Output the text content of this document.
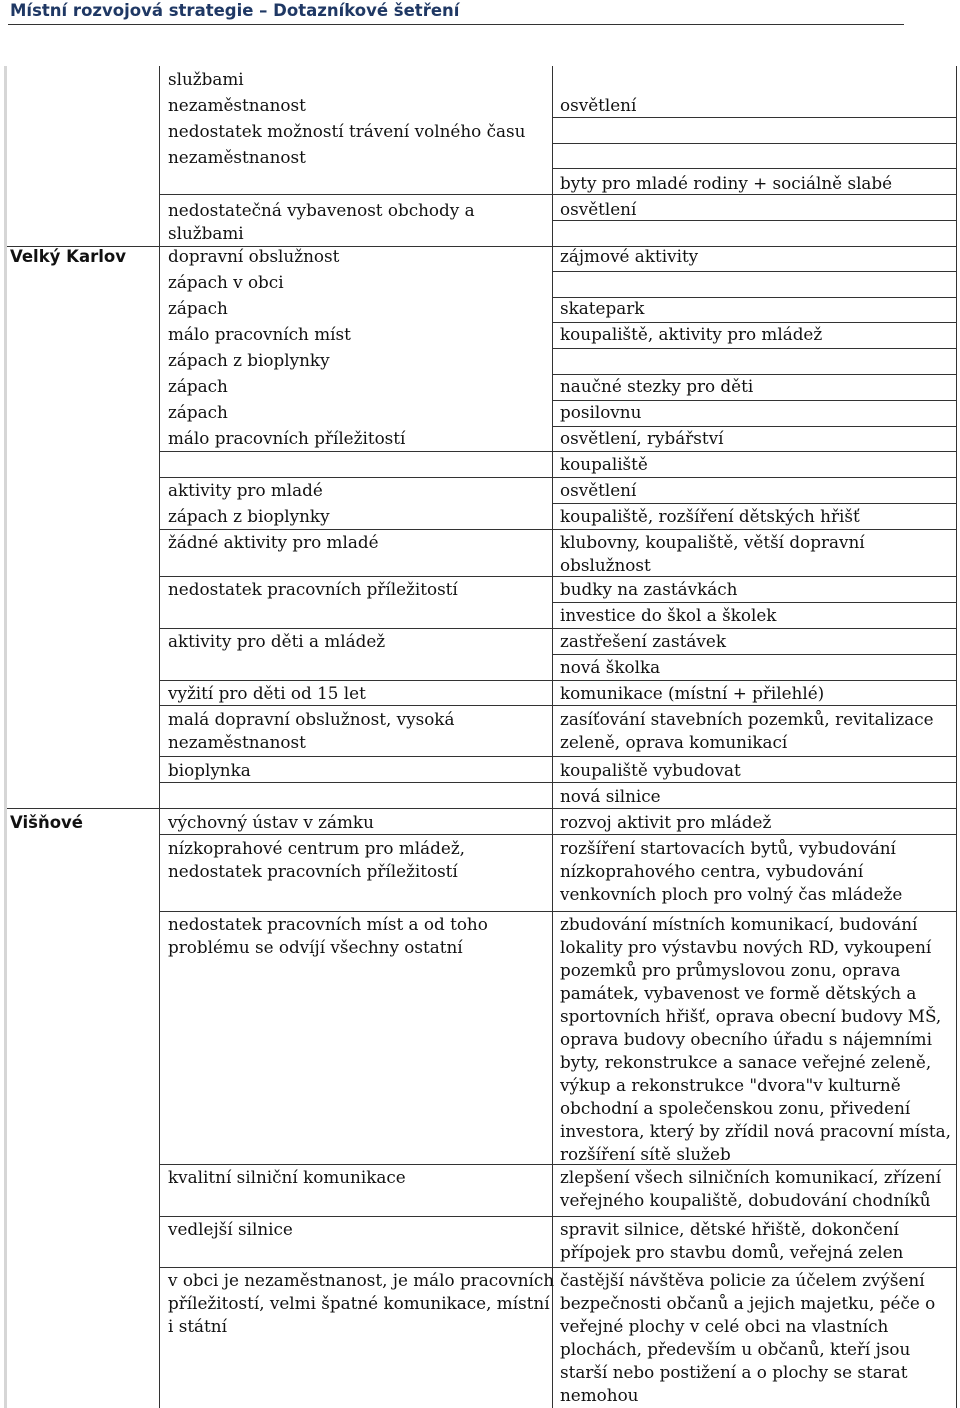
Místní rozvojová strategie – Dotazníkové šetření
Velký Karlov
Višňové
službami
nezaměstnanost
nedostatek možností trávení volného času
nezaměstnanost
nedostatečná vybavenost obchody a
službami
dopravní obslužnost
zápach v obci
zápach
málo pracovních míst
zápach z bioplynky
zápach
zápach
málo pracovních příležitostí
aktivity pro mladé
zápach z bioplynky
žádné aktivity pro mladé
nedostatek pracovních příležitostí
aktivity pro děti a mládež
vyžití pro děti od 15 let
malá dopravní obslužnost, vysoká
nezaměstnanost
bioplynka
výchovný ústav v zámku
nízkoprahové centrum pro mládež,
nedostatek pracovních příležitostí
nedostatek pracovních míst a od toho
problému se odvíjí všechny ostatní
kvalitní silniční komunikace
vedlejší silnice
v obci je nezaměstnanost, je málo pracovních
příležitostí, velmi špatné komunikace, místní
i státní
osvětlení
byty pro mladé rodiny + sociálně slabé
osvětlení
zájmové aktivity
skatepark
koupaliště, aktivity pro mládež
naučné stezky pro děti
posilovnu
osvětlení, rybářství
koupaliště
osvětlení
koupaliště, rozšíření dětských hřišť
klubovny, koupaliště, větší dopravní
obslužnost
budky na zastávkách
investice do škol a školek
zastřešení zastávek
nová školka
komunikace (místní + přilehlé)
zasíťování stavebních pozemků, revitalizace
zeleně, oprava komunikací
koupaliště vybudovat
nová silnice
rozvoj aktivit pro mládež
rozšíření startovacích bytů, vybudování
nízkoprahového centra, vybudování
venkovních ploch pro volný čas mládeže
zbudování místních komunikací, budování
lokality pro výstavbu nových RD, vykoupení
pozemků pro průmyslovou zonu, oprava
památek, vybavenost ve formě dětských a
sportovních hřišť, oprava obecní budovy MŠ,
oprava budovy obecního úřadu s nájemními
byty, rekonstrukce a sanace veřejné zeleně,
výkup a rekonstrukce "dvora"v kulturně
obchodní a společenskou zonu, přivedení
investora, který by zřídil nová pracovní místa,
rozšíření sítě služeb
zlepšení všech silničních komunikací, zřízení
veřejného koupaliště, dobudování chodníků
spravit silnice, dětské hřiště, dokončení
přípojek pro stavbu domů, veřejná zelen
častější návštěva policie za účelem zvýšení
bezpečnosti občanů a jejich majetku, péče o
veřejné plochy v celé obci na vlastních
plochách, především u občanů, kteří jsou
starší nebo postižení a o plochy se starat
nemohou
